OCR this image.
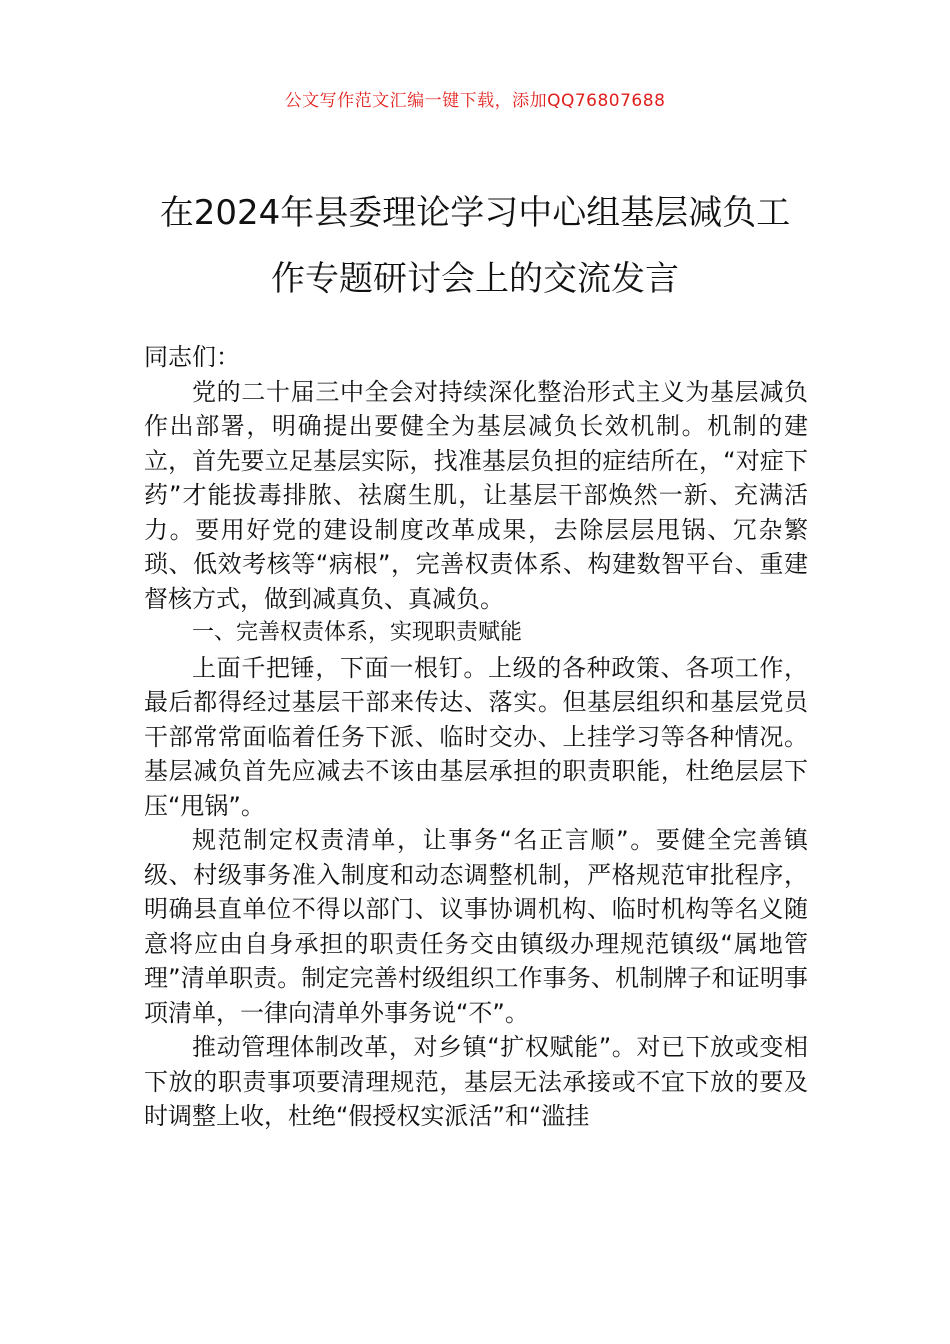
公文写作范文汇编一键下载，添加QQ76807688
在2024年县委理论学习中心组基层减负工
作专题研讨会上的交流发言

同志们：

党的二十届三中全会对持续深化整治形式主义为基层减负作出部署，明确提出要健全为基层减负长效机制。机制的建立，首先要立足基层实际，找准基层负担的症结所在，“对症下药”才能拔毒排脓、祛腐生肌，让基层干部焕然一新、充满活力。要用好党的建设制度改革成果，去除层层甩锅、冗杂繁琐、低效考核等“病根”，完善权责体系、构建数智平台、重建督核方式，做到减真负、真减负。

一、完善权责体系，实现职责赋能

上面千把锤，下面一根钉。上级的各种政策、各项工作，最后都得经过基层干部来传达、落实。但基层组织和基层党员干部常常面临着任务下派、临时交办、上挂学习等各种情况。基层减负首先应减去不该由基层承担的职责职能，杜绝层层下压“甩锅”。

规范制定权责清单，让事务“名正言顺”。要健全完善镇级、村级事务准入制度和动态调整机制，严格规范审批程序，明确县直单位不得以部门、议事协调机构、临时机构等名义随意将应由自身承担的职责任务交由镇级办理规范镇级“属地管理”清单职责。制定完善村级组织工作事务、机制牌子和证明事项清单，一律向清单外事务说“不”。

推动管理体制改革，对乡镇“扩权赋能”。对已下放或变相下放的职责事项要清理规范，基层无法承接或不宜下放的要及时调整上收，杜绝“假授权实派活”和“滥挂
